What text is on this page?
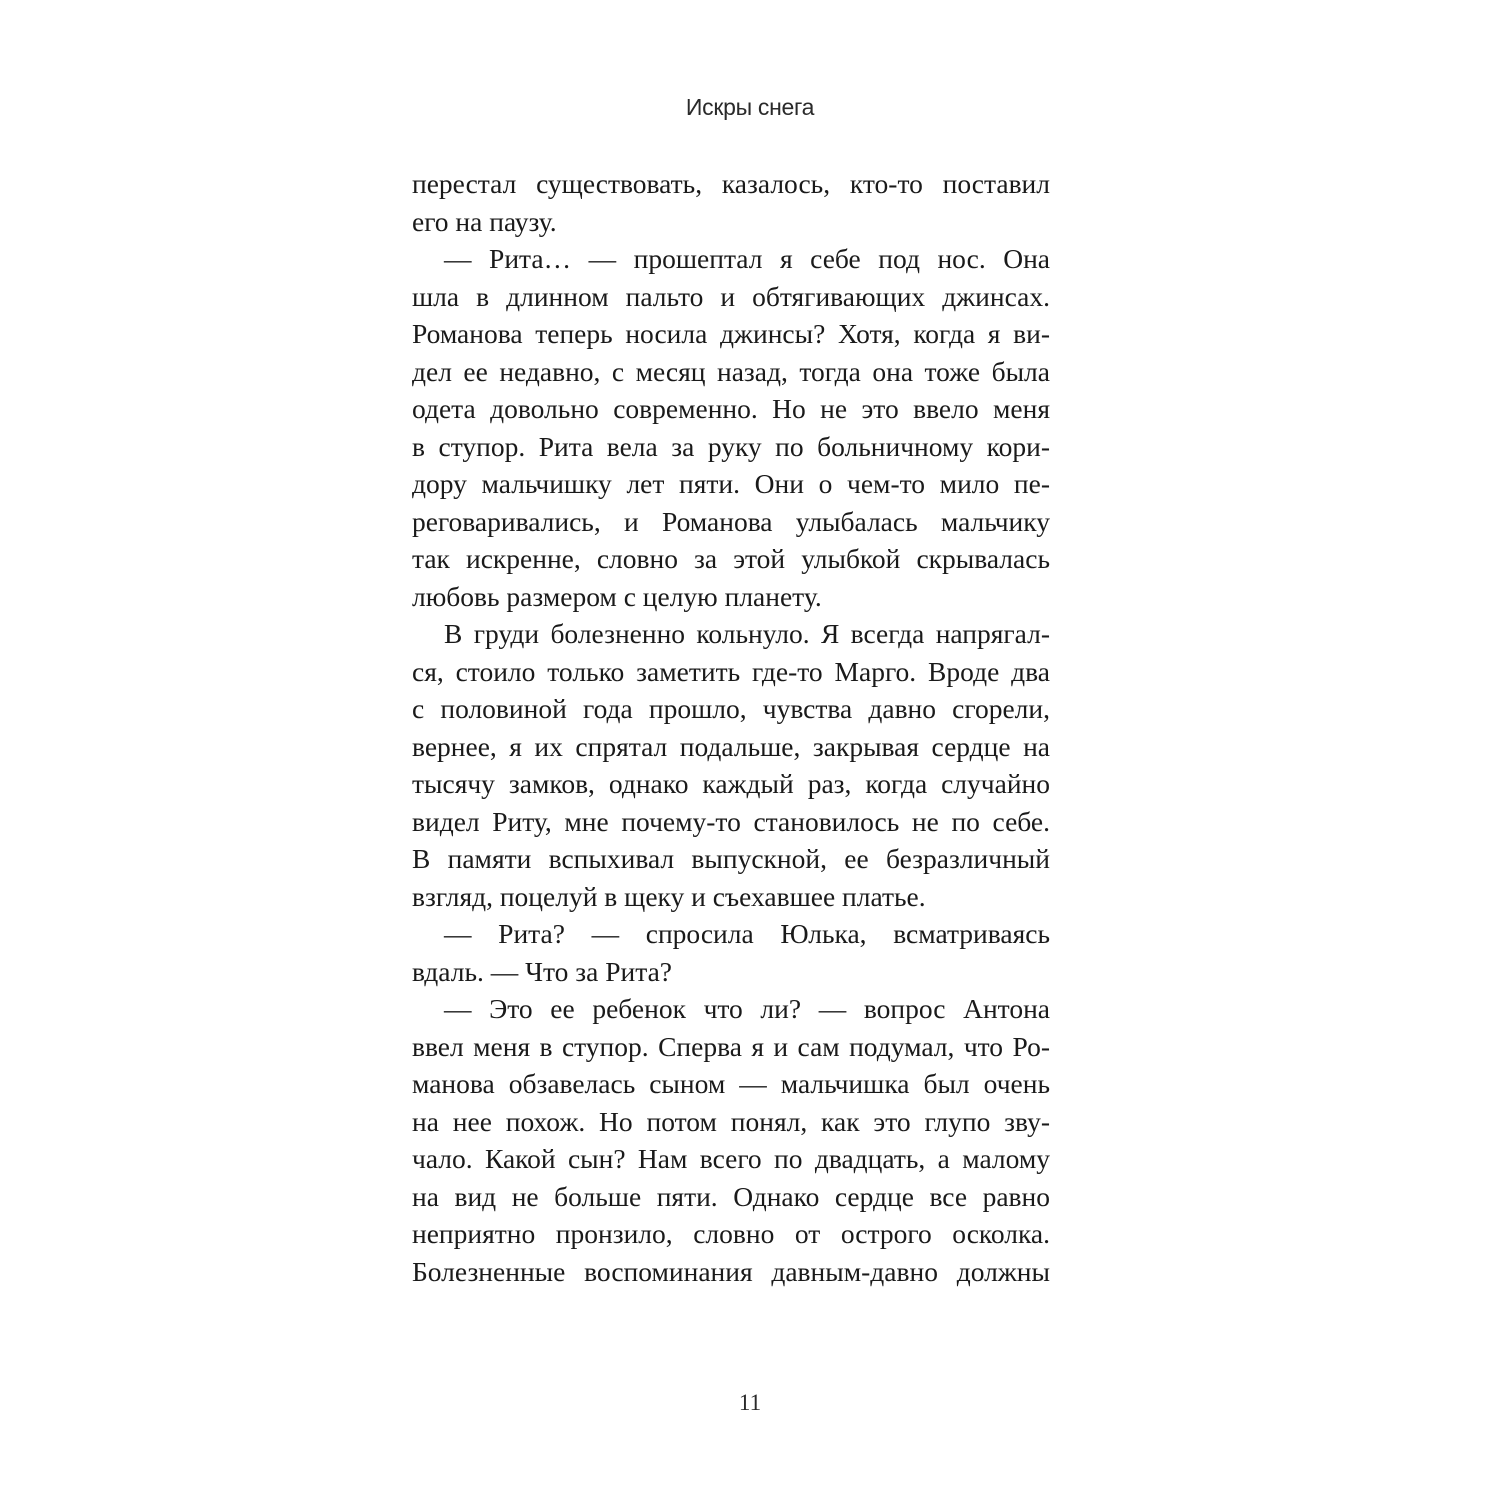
Искры снега
перестал существовать, казалось, кто-то поставил
его на паузу.
— Рита… — прошептал я себе под нос. Она
шла в длинном пальто и обтягивающих джинсах.
Романова теперь носила джинсы? Хотя, когда я ви-
дел ее недавно, с месяц назад, тогда она тоже была
одета довольно современно. Но не это ввело меня
в ступор. Рита вела за руку по больничному кори-
дору мальчишку лет пяти. Они о чем-то мило пе-
реговаривались, и Романова улыбалась мальчику
так искренне, словно за этой улыбкой скрывалась
любовь размером с целую планету.
В груди болезненно кольнуло. Я всегда напрягал-
ся, стоило только заметить где-то Марго. Вроде два
с половиной года прошло, чувства давно сгорели,
вернее, я их спрятал подальше, закрывая сердце на
тысячу замков, однако каждый раз, когда случайно
видел Риту, мне почему-то становилось не по себе.
В памяти вспыхивал выпускной, ее безразличный
взгляд, поцелуй в щеку и съехавшее платье.
— Рита? — спросила Юлька, всматриваясь
вдаль. — Что за Рита?
— Это ее ребенок что ли? — вопрос Антона
ввел меня в ступор. Сперва я и сам подумал, что Ро-
манова обзавелась сыном — мальчишка был очень
на нее похож. Но потом понял, как это глупо зву-
чало. Какой сын? Нам всего по двадцать, а малому
на вид не больше пяти. Однако сердце все равно
неприятно пронзило, словно от острого осколка.
Болезненные воспоминания давным-давно должны
11
